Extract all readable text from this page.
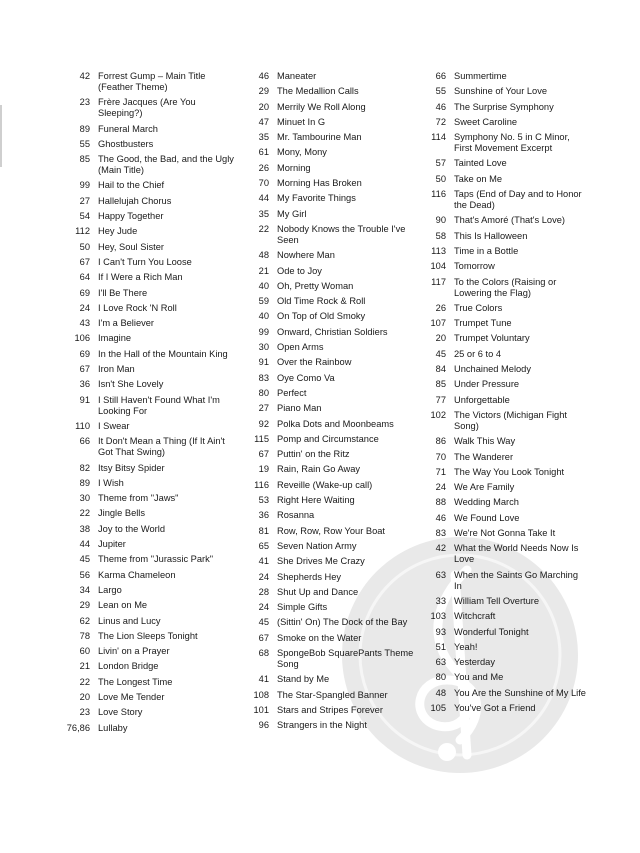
42 Forrest Gump – Main Title (Feather Theme)
23 Frère Jacques (Are You Sleeping?)
89 Funeral March
55 Ghostbusters
85 The Good, the Bad, and the Ugly (Main Title)
99 Hail to the Chief
27 Hallelujah Chorus
54 Happy Together
112 Hey Jude
50 Hey, Soul Sister
67 I Can't Turn You Loose
64 If I Were a Rich Man
69 I'll Be There
24 I Love Rock 'N Roll
43 I'm a Believer
106 Imagine
69 In the Hall of the Mountain King
67 Iron Man
36 Isn't She Lovely
91 I Still Haven't Found What I'm Looking For
110 I Swear
66 It Don't Mean a Thing (If It Ain't Got That Swing)
82 Itsy Bitsy Spider
89 I Wish
30 Theme from "Jaws"
22 Jingle Bells
38 Joy to the World
44 Jupiter
45 Theme from "Jurassic Park"
56 Karma Chameleon
34 Largo
29 Lean on Me
62 Linus and Lucy
78 The Lion Sleeps Tonight
60 Livin' on a Prayer
21 London Bridge
22 The Longest Time
20 Love Me Tender
23 Love Story
76,86 Lullaby
46 Maneater
29 The Medallion Calls
20 Merrily We Roll Along
47 Minuet In G
35 Mr. Tambourine Man
61 Mony, Mony
26 Morning
70 Morning Has Broken
44 My Favorite Things
35 My Girl
22 Nobody Knows the Trouble I've Seen
48 Nowhere Man
21 Ode to Joy
40 Oh, Pretty Woman
59 Old Time Rock & Roll
40 On Top of Old Smoky
99 Onward, Christian Soldiers
30 Open Arms
91 Over the Rainbow
83 Oye Como Va
80 Perfect
27 Piano Man
92 Polka Dots and Moonbeams
115 Pomp and Circumstance
67 Puttin' on the Ritz
19 Rain, Rain Go Away
116 Reveille (Wake-up call)
53 Right Here Waiting
36 Rosanna
81 Row, Row, Row Your Boat
65 Seven Nation Army
41 She Drives Me Crazy
24 Shepherds Hey
28 Shut Up and Dance
24 Simple Gifts
45 (Sittin' On) The Dock of the Bay
67 Smoke on the Water
68 SpongeBob SquarePants Theme Song
41 Stand by Me
108 The Star-Spangled Banner
101 Stars and Stripes Forever
96 Strangers in the Night
66 Summertime
55 Sunshine of Your Love
46 The Surprise Symphony
72 Sweet Caroline
114 Symphony No. 5 in C Minor, First Movement Excerpt
57 Tainted Love
50 Take on Me
116 Taps (End of Day and to Honor the Dead)
90 That's Amoré (That's Love)
58 This Is Halloween
113 Time in a Bottle
104 Tomorrow
117 To the Colors (Raising or Lowering the Flag)
26 True Colors
107 Trumpet Tune
20 Trumpet Voluntary
45 25 or 6 to 4
84 Unchained Melody
85 Under Pressure
77 Unforgettable
102 The Victors (Michigan Fight Song)
86 Walk This Way
70 The Wanderer
71 The Way You Look Tonight
24 We Are Family
88 Wedding March
46 We Found Love
83 We're Not Gonna Take It
42 What the World Needs Now Is Love
63 When the Saints Go Marching In
33 William Tell Overture
103 Witchcraft
93 Wonderful Tonight
51 Yeah!
63 Yesterday
80 You and Me
48 You Are the Sunshine of My Life
105 You've Got a Friend
